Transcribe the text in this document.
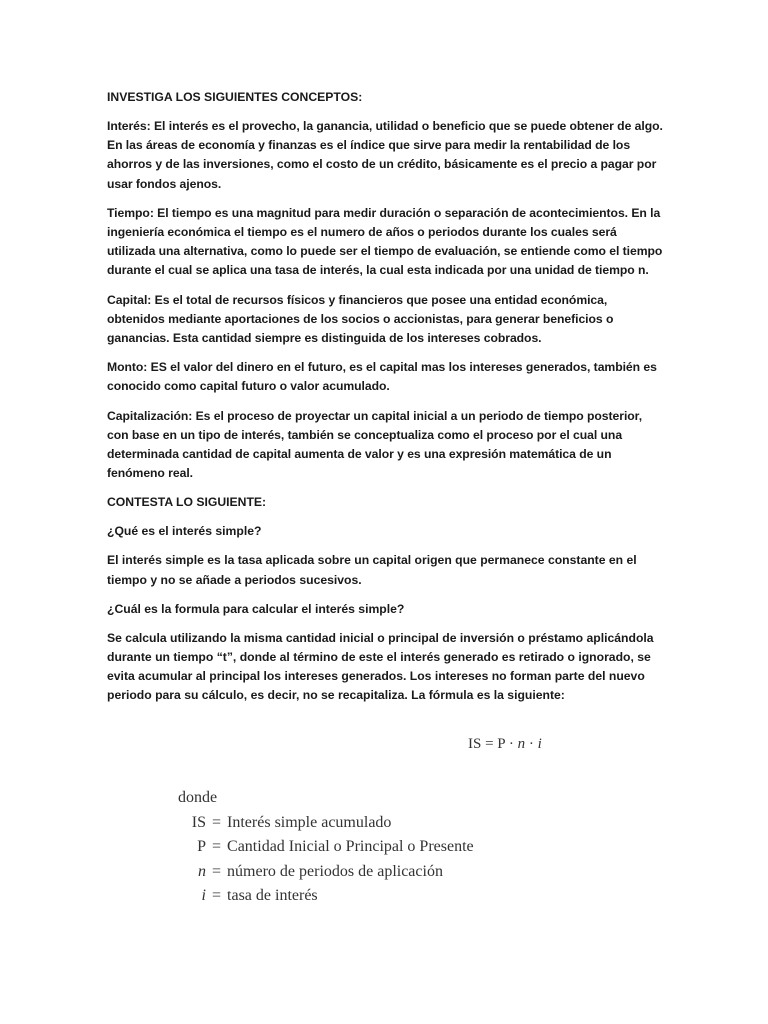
INVESTIGA LOS SIGUIENTES CONCEPTOS:

Interés: El interés es el provecho, la ganancia, utilidad o beneficio que se puede obtener de algo. En las áreas de economía y finanzas es el índice que sirve para medir la rentabilidad de los ahorros y de las inversiones, como el costo de un crédito, básicamente es el precio a pagar por usar fondos ajenos.

Tiempo: El tiempo es una magnitud para medir duración o separación de acontecimientos. En la ingeniería económica el tiempo es el numero de años o periodos durante los cuales será utilizada una alternativa, como lo puede ser el tiempo de evaluación, se entiende como el tiempo durante el cual se aplica una tasa de interés, la cual esta indicada por una unidad de tiempo n.

Capital: Es el total de recursos físicos y financieros que posee una entidad económica, obtenidos mediante aportaciones de los socios o accionistas, para generar beneficios o ganancias. Esta cantidad siempre es distinguida de los intereses cobrados.

Monto: ES el valor del dinero en el futuro, es el capital mas los intereses generados, también es conocido como capital futuro o valor acumulado.

Capitalización: Es el proceso de proyectar un capital inicial a un periodo de tiempo posterior, con base en un tipo de interés, también se conceptualiza como el proceso por el cual una determinada cantidad de capital aumenta de valor y es una expresión matemática de un fenómeno real.

CONTESTA LO SIGUIENTE:

¿Qué es el interés simple?

El interés simple es la tasa aplicada sobre un capital origen que permanece constante en el tiempo y no se añade a periodos sucesivos.

¿Cuál es la formula para calcular el interés simple?

Se calcula utilizando la misma cantidad inicial o principal de inversión o préstamo aplicándola durante un tiempo “t”, donde al término de este el interés generado es retirado o ignorado, se evita acumular al principal los intereses generados. Los intereses no forman parte del nuevo periodo para su cálculo, es decir, no se recapitaliza. La fórmula es la siguiente:

IS = P · n · i
donde
IS = Interés simple acumulado
P = Cantidad Inicial o Principal o Presente
n = número de periodos de aplicación
i = tasa de interés
